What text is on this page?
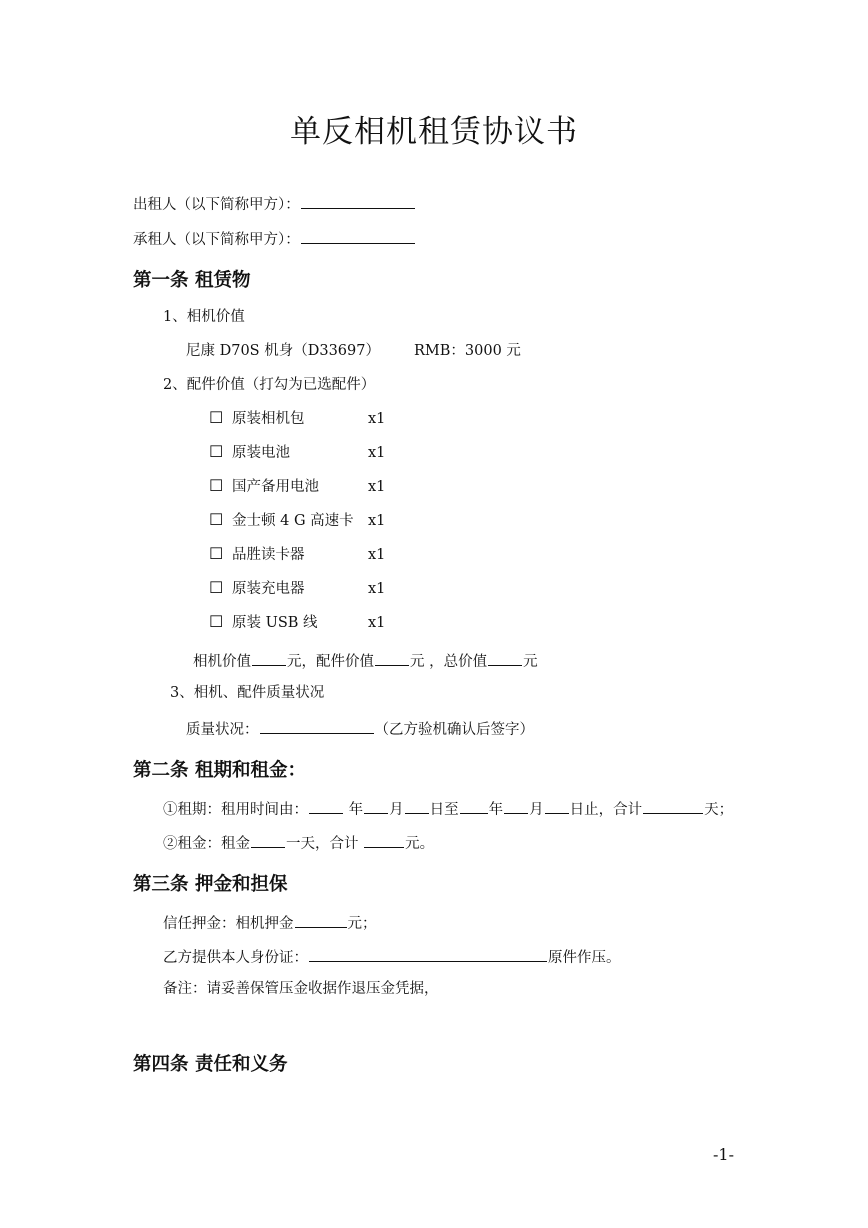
单反相机租赁协议书
出租人（以下简称甲方）：
承租人（以下简称甲方）：
第一条 租赁物
1、相机价值
尼康 D70S 机身（D33697） RMB：3000 元
2、配件价值（打勾为已选配件）
☐ 原装相机包	x1
☐ 原装电池	x1
☐ 国产备用电池	x1
☐ 金士顿 4 G 高速卡 x1
☐ 品胜读卡器	x1
☐ 原装充电器	x1
☐ 原装 USB 线	x1
相机价值 元，配件价值 元 ，总价值 元
3、相机、配件质量状况
质量状况：	（乙方验机确认后签字）
第二条 租期和租金：
①租期：租用时间由：	年 月 日至 年 月 日止，合计	天；
②租金：租金 一天，合计	元。
第三条 押金和担保
信任押金：相机押金	元；
乙方提供本人身份证：	原件作压。
备注：请妥善保管压金收据作退压金凭据，
第四条 责任和义务
-1-
